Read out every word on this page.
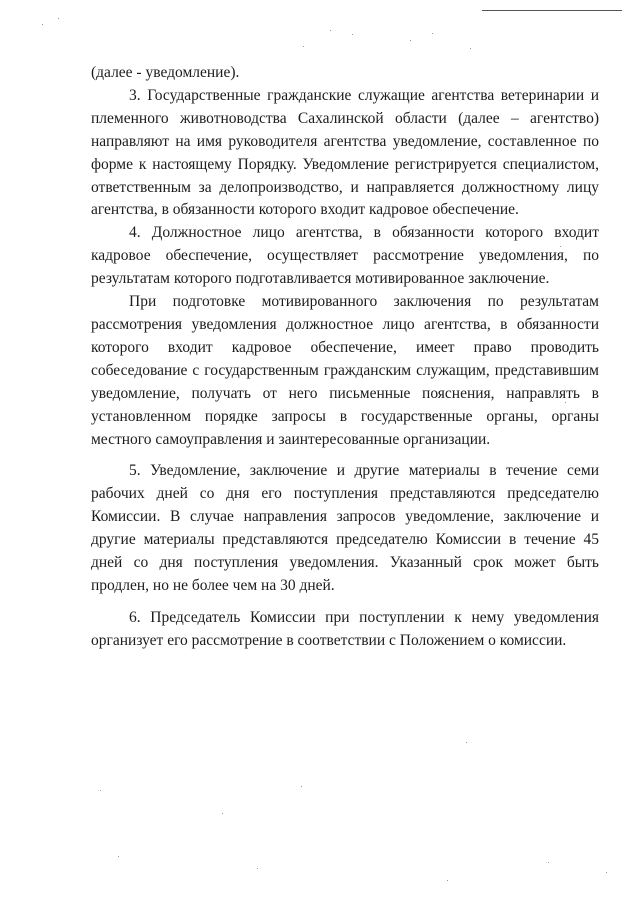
(далее - уведомление).

3. Государственные гражданские служащие агентства ветеринарии и племенного животноводства Сахалинской области (далее – агентство) направляют на имя руководителя агентства уведомление, составленное по форме к настоящему Порядку. Уведомление регистрируется специалистом, ответственным за делопроизводство, и направляется должностному лицу агентства, в обязанности которого входит кадровое обеспечение.

4. Должностное лицо агентства, в обязанности которого входит кадровое обеспечение, осуществляет рассмотрение уведомления, по результатам которого подготавливается мотивированное заключение.

При подготовке мотивированного заключения по результатам рассмотрения уведомления должностное лицо агентства, в обязанности которого входит кадровое обеспечение, имеет право проводить собеседование с государственным гражданским служащим, представившим уведомление, получать от него письменные пояснения, направлять в установленном порядке запросы в государственные органы, органы местного самоуправления и заинтересованные организации.

5. Уведомление, заключение и другие материалы в течение семи рабочих дней со дня его поступления представляются председателю Комиссии. В случае направления запросов уведомление, заключение и другие материалы представляются председателю Комиссии в течение 45 дней со дня поступления уведомления. Указанный срок может быть продлен, но не более чем на 30 дней.

6. Председатель Комиссии при поступлении к нему уведомления организует его рассмотрение в соответствии с Положением о комиссии.
